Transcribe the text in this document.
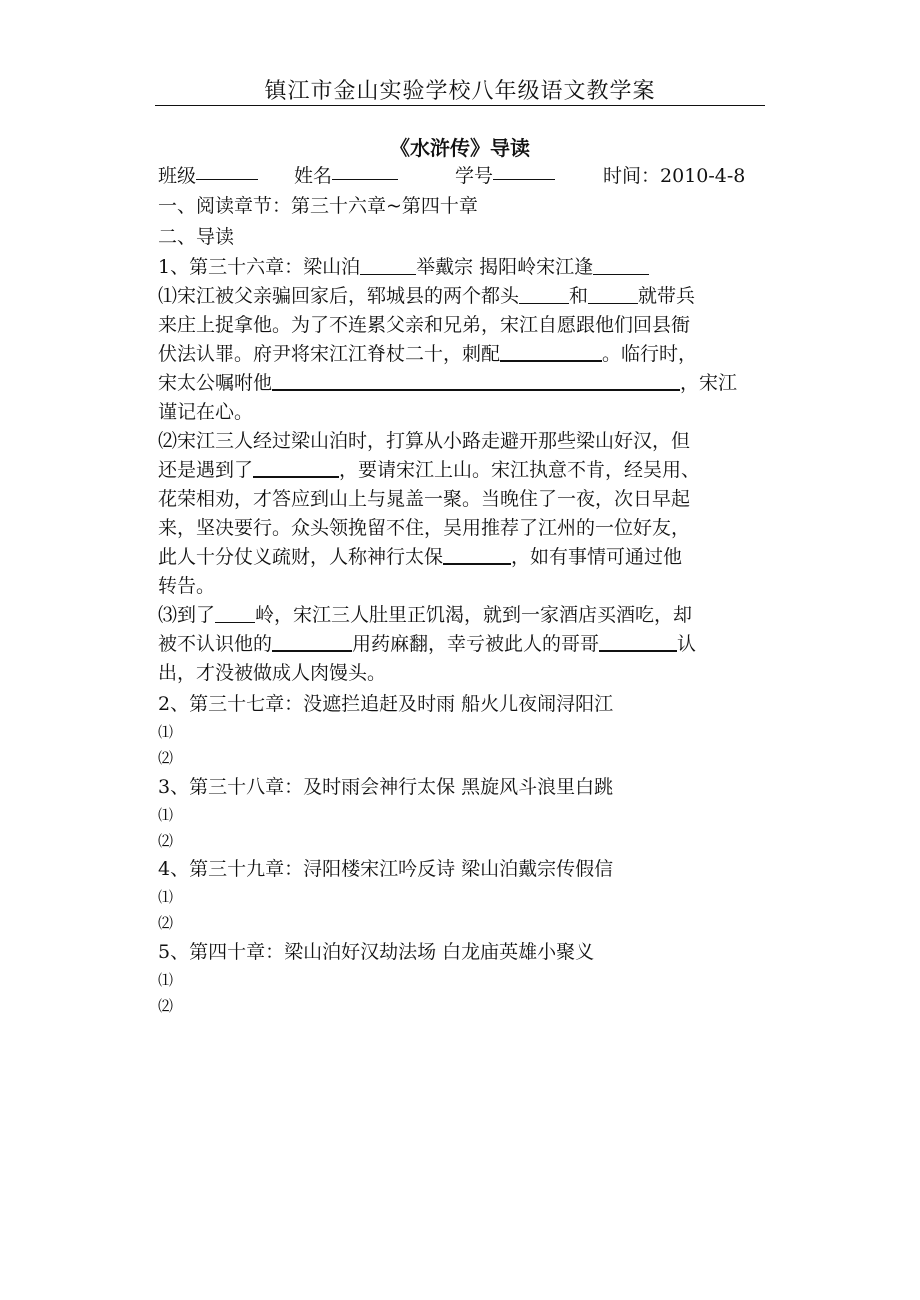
镇江市金山实验学校八年级语文教学案
《水浒传》导读
班级	姓名	学号	时间：2010-4-8
一、阅读章节：第三十六章~第四十章
二、导读
1、第三十六章：梁山泊	举戴宗 揭阳岭宋江逢
⑴宋江被父亲骗回家后，郓城县的两个都头	和	就带兵
来庄上捉拿他。为了不连累父亲和兄弟，宋江自愿跟他们回县衙
伏法认罪。府尹将宋江江脊杖二十，刺配	。临行时，
宋太公嘱咐他	，宋江
谨记在心。
⑵宋江三人经过梁山泊时，打算从小路走避开那些梁山好汉，但
还是遇到了	，要请宋江上山。宋江执意不肯，经吴用、
花荣相劝，才答应到山上与晁盖一聚。当晚住了一夜，次日早起
来，坚决要行。众头领挽留不住，吴用推荐了江州的一位好友，
此人十分仗义疏财，人称神行太保	，如有事情可通过他
转告。
⑶到了 岭，宋江三人肚里正饥渴，就到一家酒店买酒吃，却
被不认识他的	用药麻翻，幸亏被此人的哥哥	认
出，才没被做成人肉馒头。
2、第三十七章：没遮拦追赶及时雨 船火儿夜闹浔阳江
⑴
⑵
3、第三十八章：及时雨会神行太保 黑旋风斗浪里白跳
⑴
⑵
4、第三十九章：浔阳楼宋江吟反诗 梁山泊戴宗传假信
⑴
⑵
5、第四十章：梁山泊好汉劫法场 白龙庙英雄小聚义
⑴
⑵
